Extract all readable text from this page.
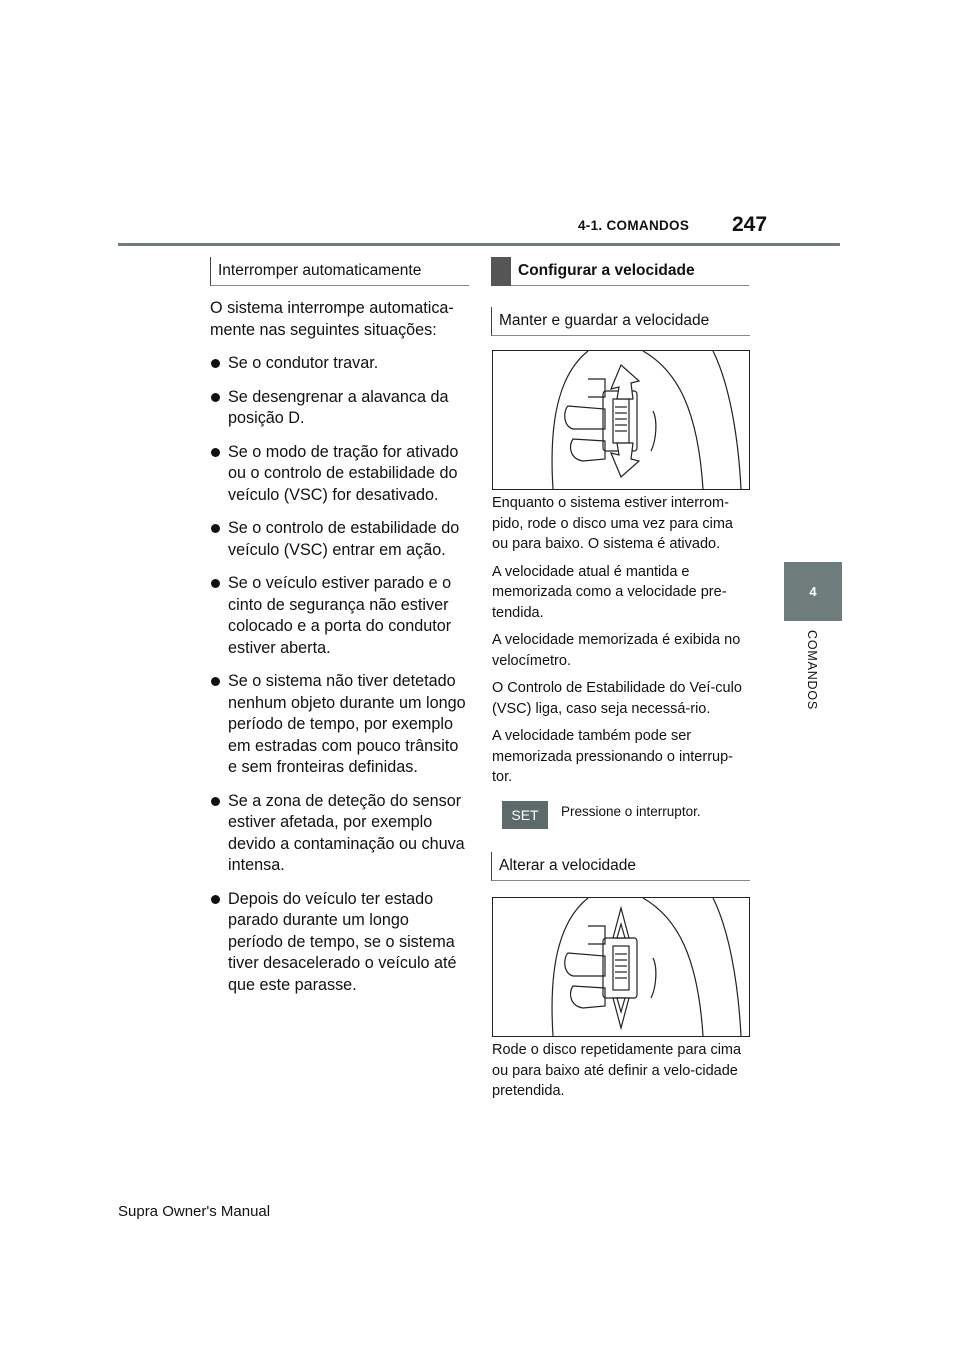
4-1. COMANDOS 247
4
COMANDOS
Interromper automaticamente

O sistema interrompe automatica-mente nas seguintes situações:

Se o condutor travar.
Se desengrenar a alavanca da posição D.
Se o modo de tração for ativado ou o controlo de estabilidade do veículo (VSC) for desativado.
Se o controlo de estabilidade do veículo (VSC) entrar em ação.
Se o veículo estiver parado e o cinto de segurança não estiver colocado e a porta do condutor estiver aberta.
Se o sistema não tiver detetado nenhum objeto durante um longo período de tempo, por exemplo em estradas com pouco trânsito e sem fronteiras definidas.
Se a zona de deteção do sensor estiver afetada, por exemplo devido a contaminação ou chuva intensa.
Depois do veículo ter estado parado durante um longo período de tempo, se o sistema tiver desacelerado o veículo até que este parasse.
Configurar a velocidade
Manter e guardar a velocidade

Enquanto o sistema estiver interrom-pido, rode o disco uma vez para cima ou para baixo. O sistema é ativado.

A velocidade atual é mantida e memorizada como a velocidade pre-tendida.

A velocidade memorizada é exibida no velocímetro.

O Controlo de Estabilidade do Veí-culo (VSC) liga, caso seja necessá-rio.

A velocidade também pode ser memorizada pressionando o interrup-tor.

SET	Pressione o interruptor.
Alterar a velocidade

Rode o disco repetidamente para cima ou para baixo até definir a velo-cidade pretendida.

Supra Owner's Manual
